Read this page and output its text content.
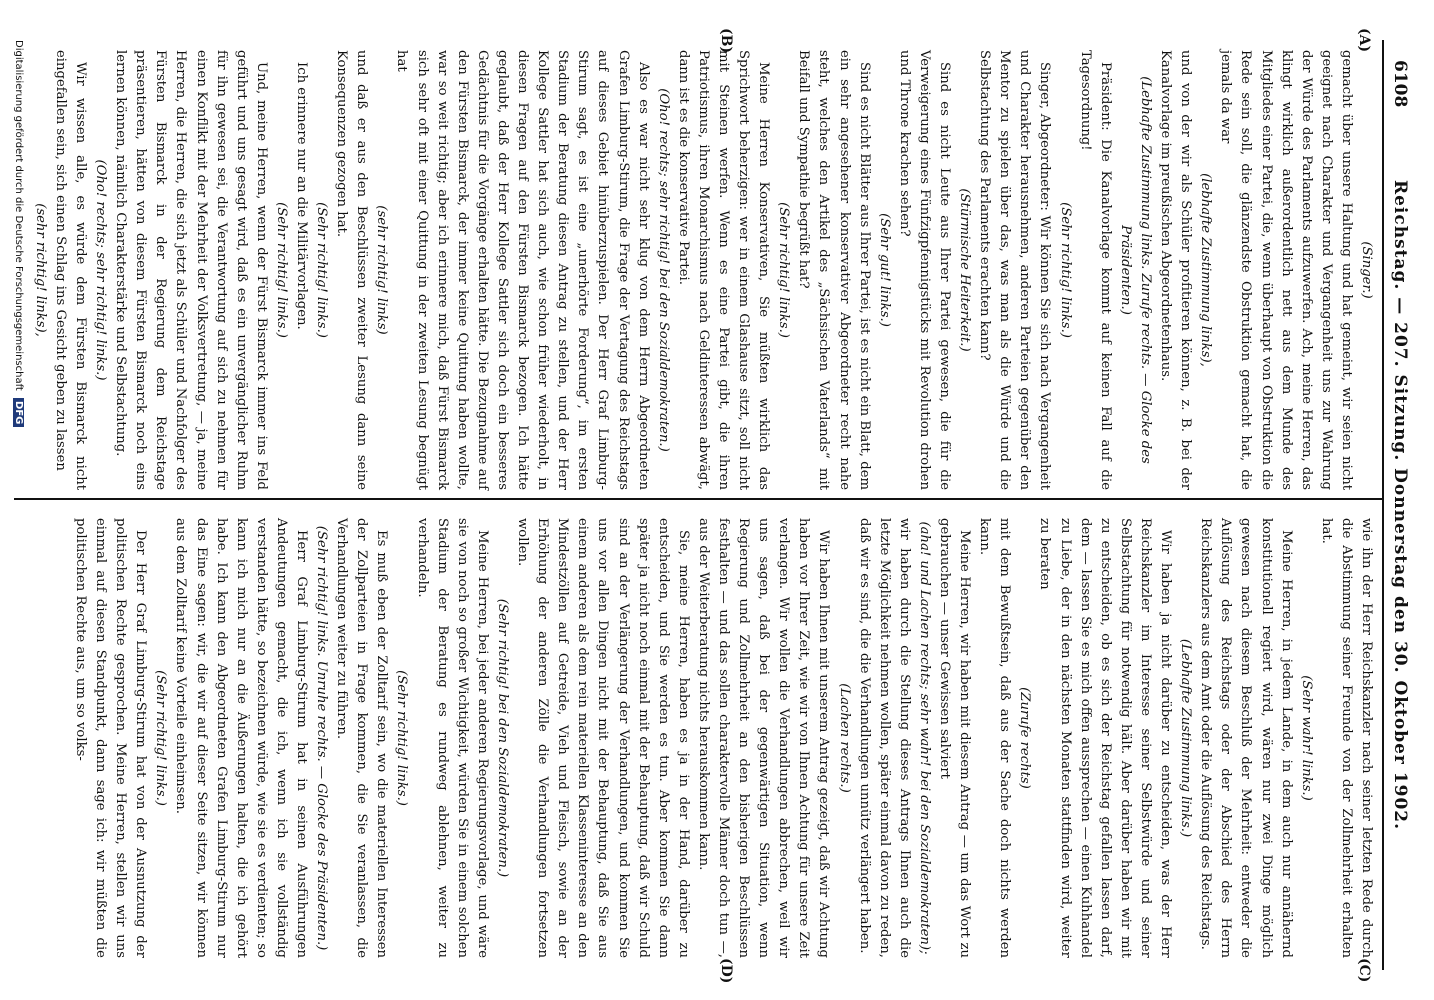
6108
Reichstag. — 207. Sitzung. Donnerstag den 30. Oktober 1902.
(A)
(B)
(C)
(D)

(Singer.)

gemacht über unsere Haltung und hat gemeint, wir seien nicht geeignet nach Charakter und Vergangenheit uns zur Wahrung der Würde des Parlaments aufzuwerfen. Ach, meine Herren, das klingt wirklich außerordentlich nett aus dem Munde des Mitgliedes einer Partei, die, wenn überhaupt von Obstruktion die Rede sein soll, die glänzendste Obstruktion gemacht hat, die jemals da war

(lebhafte Zustimmung links),

und von der wir als Schüler profitieren können, z. B. bei der Kanalvorlage im preußischen Abgeordnetenhaus.

(Lebhafte Zustimmung links. Zurufe rechts. — Glocke des Präsidenten.)

Präsident: Die Kanalvorlage kommt auf keinen Fall auf die Tagesordnung!

(Sehr richtig! links.)

Singer, Abgeordneter: Wir können Sie sich nach Vergangenheit und Charakter herausnehmen, anderen Parteien gegenüber den Mentor zu spielen über das, was man als die Würde und die Selbstachtung des Parlaments erachten kann?

(Stürmische Heiterkeit.)

Sind es nicht Leute aus Ihrer Partei gewesen, die für die Verweigerung eines Fünfzigpfennigstücks mit Revolution drohen und Throne krachen sehen?

(Sehr gut! links.)

Sind es nicht Blätter aus Ihrer Partei, ist es nicht ein Blatt, dem ein sehr angesehener konservativer Abgeordneter recht nahe steht, welches den Artikel des „Sächsischen Vaterlands“ mit Beifall und Sympathie begrüßt hat?

(Sehr richtig! links.)

Meine Herren Konservativen, Sie müßten wirklich das Sprichwort beherzigen: wer in einem Glashause sitzt, soll nicht mit Steinen werfen. Wenn es eine Partei gibt, die ihren Patriotismus, ihren Monarchismus nach Geldinteressen abwägt, dann ist es die konservative Partei.

(Oho! rechts; sehr richtig! bei den Sozialdemokraten.)

Also es war nicht sehr klug von dem Herrn Abgeordneten Grafen Limburg-Stirum, die Frage der Vertagung des Reichstags auf dieses Gebiet hinüberzuspielen. Der Herr Graf Limburg-Stirum sagt, es ist eine „unerhörte Forderung“, im ersten Stadium der Beratung diesen Antrag zu stellen, und der Herr Kollege Sattler hat sich auch, wie schon früher wiederholt, in diesen Fragen auf den Fürsten Bismarck bezogen. Ich hätte geglaubt, daß der Herr Kollege Sattler sich doch ein besseres Gedächtnis für die Vorgänge erhalten hätte. Die Bezugnahme auf den Fürsten Bismarck, der immer keine Quittung haben wollte, war so weit richtig; aber ich erinnere mich, daß Fürst Bismarck sich sehr oft mit einer Quittung in der zweiten Lesung begnügt hat

(sehr richtig! links)

und daß er aus den Beschlüssen zweiter Lesung dann seine Konsequenzen gezogen hat.

(Sehr richtig! links.)

Ich erinnere nur an die Militärvorlagen.

(Sehr richtig! links.)

Und, meine Herren, wenn der Fürst Bismarck immer ins Feld geführt und uns gesagt wird, daß es ein unvergänglicher Ruhm für ihn gewesen sei, die Verantwortung auf sich zu nehmen für einen Konflikt mit der Mehrheit der Volksvertretung, — ja, meine Herren, die Herren, die sich jetzt als Schüler und Nachfolger des Fürsten Bismarck in der Regierung dem Reichstage präsentieren, hätten von diesem Fürsten Bismarck noch eins lernen können, nämlich Charakterstärke und Selbstachtung.

(Oho! rechts; sehr richtig! links.)

Wir wissen alle, es würde dem Fürsten Bismarck nicht eingefallen sein, sich einen Schlag ins Gesicht geben zu lassen

(sehr richtig! links),

wie ihn der Herr Reichskanzler nach seiner letzten Rede durch die Abstimmung seiner Freunde von der Zollmehrheit erhalten hat.

(Sehr wahr! links.)

Meine Herren, in jedem Lande, in dem auch nur annähernd konstitutionell regiert wird, wären nur zwei Dinge möglich gewesen nach diesem Beschluß der Mehrheit: entweder die Auflösung des Reichstags oder der Abschied des Herrn Reichskanzlers aus dem Amt oder die Auflösung des Reichstags.

(Lebhafte Zustimmung links.)

Wir haben ja nicht darüber zu entscheiden, was der Herr Reichskanzler im Interesse seiner Selbstwürde und seiner Selbstachtung für notwendig hält. Aber darüber haben wir mit zu entscheiden, ob es sich der Reichstag gefallen lassen darf, dem — lassen Sie es mich offen aussprechen — einen Kuhhandel zu Liebe, der in den nächsten Monaten stattfinden wird, weiter zu beraten

(Zurufe rechts)

mit dem Bewußtsein, daß aus der Sache doch nichts werden kann.

Meine Herren, wir haben mit diesem Antrag — um das Wort zu gebrauchen — unser Gewissen salviert

(aha! und Lachen rechts; sehr wahr! bei den Sozialdemokraten);

wir haben durch die Stellung dieses Antrags Ihnen auch die letzte Möglichkeit nehmen wollen, später einmal davon zu reden, daß wir es sind, die die Verhandlungen unnütz verlängert haben.

(Lachen rechts.)

Wir haben Ihnen mit unserem Antrag gezeigt, daß wir Achtung haben vor Ihrer Zeit, wie wir von Ihnen Achtung für unsere Zeit verlangen. Wir wollen die Verhandlungen abbrechen, weil wir uns sagen, daß bei der gegenwärtigen Situation, wenn Regierung und Zollmehrheit an den bisherigen Beschlüssen festhalten — und das sollen charaktervolle Männer doch tun —, aus der Weiterberatung nichts herauskommen kann.

Sie, meine Herren, haben es ja in der Hand, darüber zu entscheiden, und Sie werden es tun. Aber kommen Sie dann später ja nicht noch einmal mit der Behauptung, daß wir Schuld sind an der Verlängerung der Verhandlungen, und kommen Sie uns vor allen Dingen nicht mit der Behauptung, daß Sie aus einem anderen als dem rein materiellen Klasseninteresse an den Mindestzöllen auf Getreide, Vieh und Fleisch, sowie an der Erhöhung der anderen Zölle die Verhandlungen fortsetzen wollen.

(Sehr richtig! bei den Sozialdemokraten.)

Meine Herren, bei jeder anderen Regierungsvorlage, und wäre sie von noch so großer Wichtigkeit, würden Sie in einem solchen Stadium der Beratung es rundweg ablehnen, weiter zu verhandeln.

(Sehr richtig! links.)

Es muß eben der Zolltarif sein, wo die materiellen Interessen der Zollparteien in Frage kommen, die Sie veranlassen, die Verhandlungen weiter zu führen.

(Sehr richtig! links. Unruhe rechts. — Glocke des Präsidenten.)

Herr Graf Limburg-Stirum hat in seinen Ausführungen Andeutungen gemacht, die ich, wenn ich sie vollständig verstanden hätte, so bezeichnen würde, wie sie es verdienten; so kann ich mich nur an die Äußerungen halten, die ich gehört habe. Ich kann den Abgeordneten Grafen Limburg-Stirum nur das Eine sagen: wir, die wir auf dieser Seite sitzen, wir können aus dem Zolltarif keine Vorteile einheimsen.

(Sehr richtig! links.)

Der Herr Graf Limburg-Stirum hat von der Ausnutzung der politischen Rechte gesprochen. Meine Herren, stellen wir uns einmal auf diesen Standpunkt, dann sage ich: wir müßten die politischen Rechte aus, um so volks-

Digitalisierung gefördert durch die Deutsche Forschungsgemeinschaft DFG
